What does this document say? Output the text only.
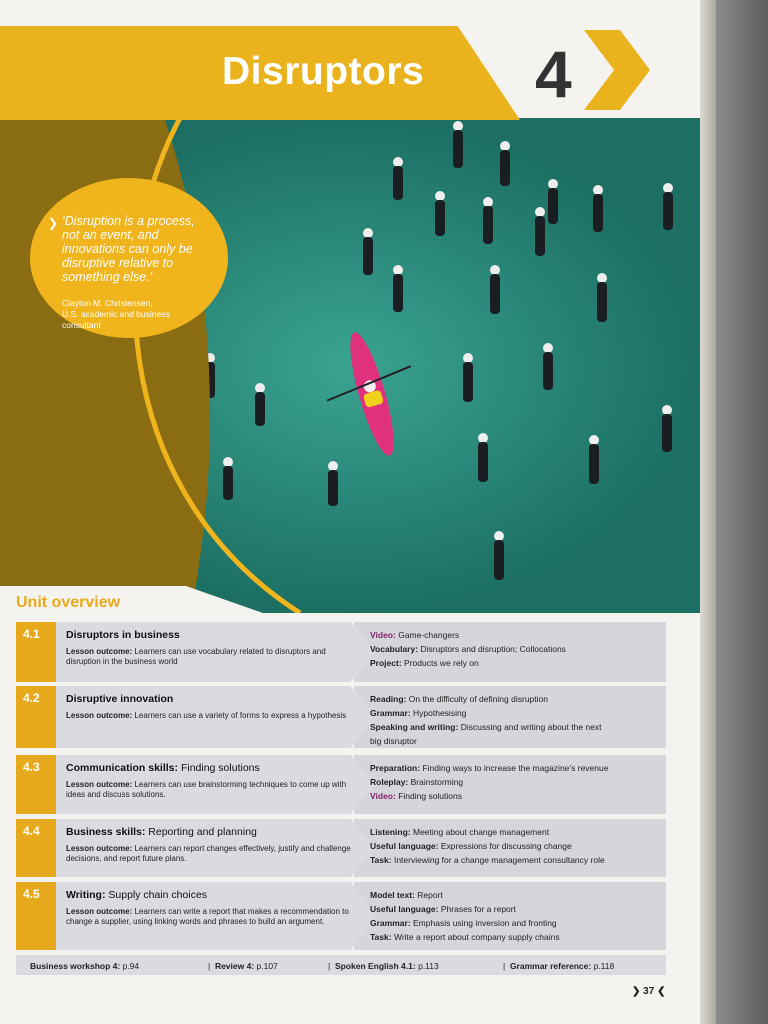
Disruptors 4
❯ ‘Disruption is a process, not an event, and innovations can only be disruptive relative to something else.’
Clayton M. Christensen,
U.S. academic and business consultant
Unit overview
4.1	Disruptors in business
Lesson outcome: Learners can use vocabulary related to disruptors and disruption in the business world
Video: Game-changers
Vocabulary: Disruptors and disruption; Collocations
Project: Products we rely on
4.2	Disruptive innovation
Lesson outcome: Learners can use a variety of forms to express a hypothesis
Reading: On the difficulty of defining disruption
Grammar: Hypothesising
Speaking and writing: Discussing and writing about the next
big disruptor
4.3	Communication skills: Finding solutions
Lesson outcome: Learners can use brainstorming techniques to come up with ideas and discuss solutions.
Preparation: Finding ways to increase the magazine’s revenue
Roleplay: Brainstorming
Video: Finding solutions
4.4	Business skills: Reporting and planning
Lesson outcome: Learners can report changes effectively, justify and challenge decisions, and report future plans.
Listening: Meeting about change management
Useful language: Expressions for discussing change
Task: Interviewing for a change management consultancy role
4.5	Writing: Supply chain choices
Lesson outcome: Learners can write a report that makes a recommendation to change a supplier, using linking words and phrases to build an argument.
Model text: Report
Useful language: Phrases for a report
Grammar: Emphasis using inversion and fronting
Task: Write a report about company supply chains
Business workshop 4: p.94	|  Review 4: p.107	|  Spoken English 4.1: p.113	|  Grammar reference: p.118
❯ 37 ❮
